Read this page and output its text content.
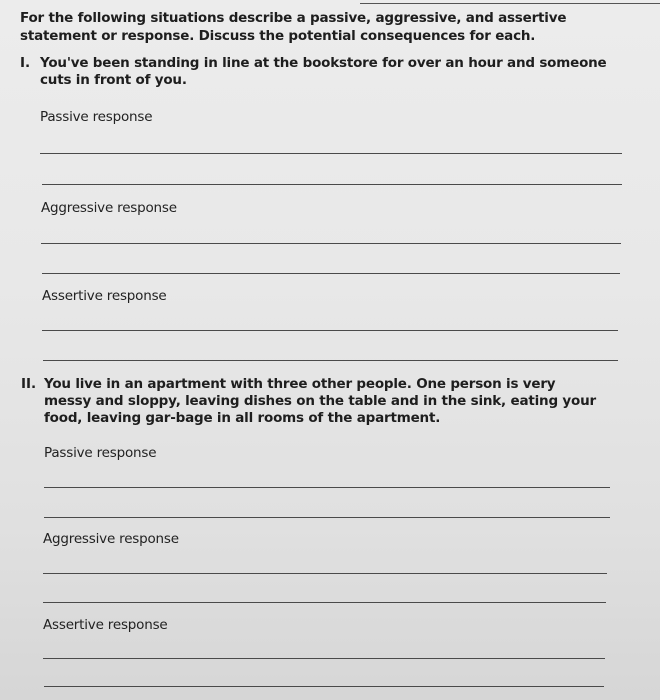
For the following situations describe a passive, aggressive, and assertive statement or response. Discuss the potential consequences for each.
I. You've been standing in line at the bookstore for over an hour and someone cuts in front of you.
Passive response
Aggressive response
Assertive response
II. You live in an apartment with three other people. One person is very messy and sloppy, leaving dishes on the table and in the sink, eating your food, leaving gar-bage in all rooms of the apartment.
Passive response
Aggressive response
Assertive response
